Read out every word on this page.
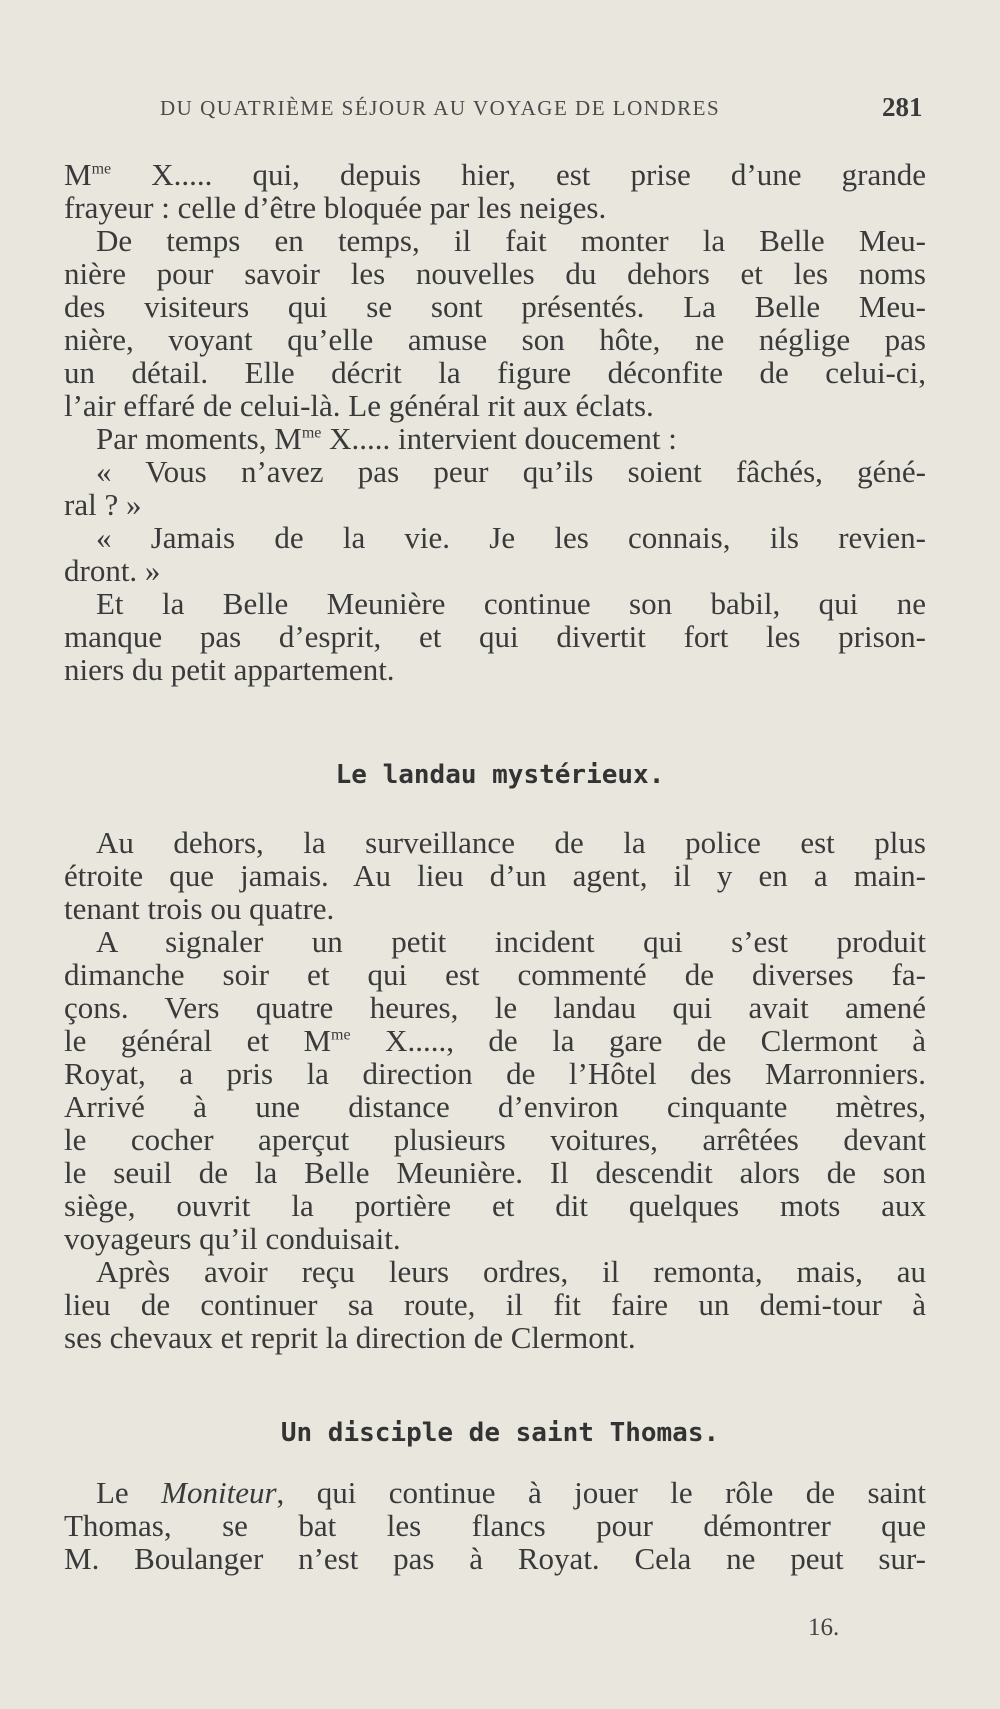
DU QUATRIÈME SÉJOUR AU VOYAGE DE LONDRES	281
$M^{me}$ X..... qui, depuis hier, est prise d’une grande
frayeur : celle d’être bloquée par les neiges.
De temps en temps, il fait monter la Belle Meu-
nière pour savoir les nouvelles du dehors et les noms
des visiteurs qui se sont présentés. La Belle Meu-
nière, voyant qu’elle amuse son hôte, ne néglige pas
un détail. Elle décrit la figure déconfite de celui-ci,
l’air effaré de celui-là. Le général rit aux éclats.
Par moments, $M^{me}$ X..... intervient doucement :
« Vous n’avez pas peur qu’ils soient fâchés, géné-
ral ? »
« Jamais de la vie. Je les connais, ils revien-
dront. »
Et la Belle Meunière continue son babil, qui ne
manque pas d’esprit, et qui divertit fort les prison-
niers du petit appartement.
Le landau mystérieux.
Au dehors, la surveillance de la police est plus
étroite que jamais. Au lieu d’un agent, il y en a main-
tenant trois ou quatre.
A signaler un petit incident qui s’est produit
dimanche soir et qui est commenté de diverses fa-
çons. Vers quatre heures, le landau qui avait amené
le général et $M^{me}$ X....., de la gare de Clermont à
Royat, a pris la direction de l’Hôtel des Marronniers.
Arrivé à une distance d’environ cinquante mètres,
le cocher aperçut plusieurs voitures, arrêtées devant
le seuil de la Belle Meunière. Il descendit alors de son
siège, ouvrit la portière et dit quelques mots aux
voyageurs qu’il conduisait.
Après avoir reçu leurs ordres, il remonta, mais, au
lieu de continuer sa route, il fit faire un demi-tour à
ses chevaux et reprit la direction de Clermont.
Un disciple de saint Thomas.
Le Moniteur, qui continue à jouer le rôle de saint
Thomas, se bat les flancs pour démontrer que
M. Boulanger n’est pas à Royat. Cela ne peut sur-
16.
